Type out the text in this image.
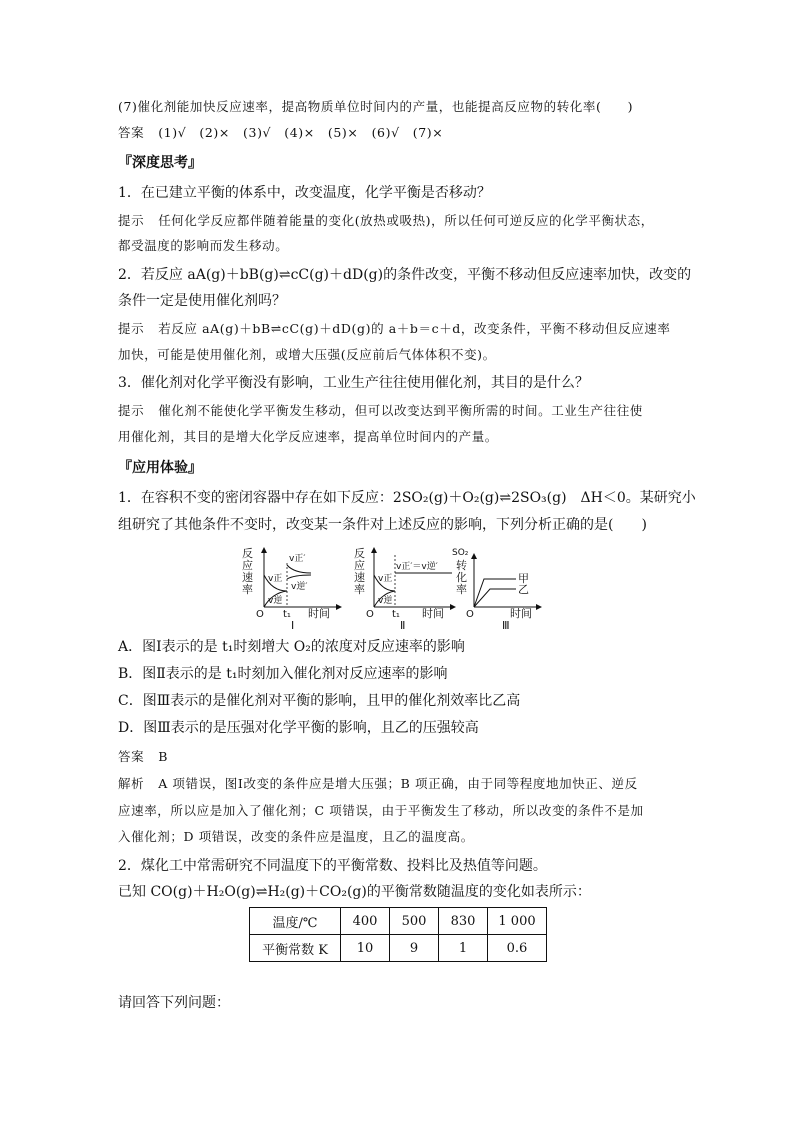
(7)催化剂能加快反应速率，提高物质单位时间内的产量，也能提高反应物的转化率(　　)
答案 (1)√　(2)×　(3)√　(4)×　(5)×　(6)√　(7)×
『深度思考』
1．在已建立平衡的体系中，改变温度，化学平衡是否移动？
提示 任何化学反应都伴随着能量的变化(放热或吸热)，所以任何可逆反应的化学平衡状态，
都受温度的影响而发生移动。
2．若反应 aA(g)＋bB(g)⇌cC(g)＋dD(g)的条件改变，平衡不移动但反应速率加快，改变的
条件一定是使用催化剂吗？
提示 若反应 aA(g)＋bB⇌cC(g)＋dD(g)的 a＋b＝c＋d，改变条件，平衡不移动但反应速率
加快，可能是使用催化剂，或增大压强(反应前后气体体积不变)。
3．催化剂对化学平衡没有影响，工业生产往往使用催化剂，其目的是什么？
提示 催化剂不能使化学平衡发生移动，但可以改变达到平衡所需的时间。工业生产往往使
用催化剂，其目的是增大化学反应速率，提高单位时间内的产量。
『应用体验』
1．在容积不变的密闭容器中存在如下反应：2SO₂(g)＋O₂(g)⇌2SO₃(g)　ΔH＜0。某研究小
组研究了其他条件不变时，改变某一条件对上述反应的影响，下列分析正确的是(　　)
反
应
速
率
v正′
v逆′
v正
v逆
O t₁ 时间
Ⅰ
反
应
速
率
v正′＝v逆′
v正
v逆
O t₁ 时间
Ⅱ
SO₂
转
化
率
甲
乙
O	时间
Ⅲ
A．图Ⅰ表示的是 t₁时刻增大 O₂的浓度对反应速率的影响
B．图Ⅱ表示的是 t₁时刻加入催化剂对反应速率的影响
C．图Ⅲ表示的是催化剂对平衡的影响，且甲的催化剂效率比乙高
D．图Ⅲ表示的是压强对化学平衡的影响，且乙的压强较高
答案 B
解析 A 项错误，图Ⅰ改变的条件应是增大压强；B 项正确，由于同等程度地加快正、逆反
应速率，所以应是加入了催化剂；C 项错误，由于平衡发生了移动，所以改变的条件不是加
入催化剂；D 项错误，改变的条件应是温度，且乙的温度高。
2．煤化工中常需研究不同温度下的平衡常数、投料比及热值等问题。
已知 CO(g)＋H₂O(g)⇌H₂(g)＋CO₂(g)的平衡常数随温度的变化如表所示：
温度/℃	400	500	830	1 000
平衡常数 K	10	9	1	0.6
请回答下列问题：
